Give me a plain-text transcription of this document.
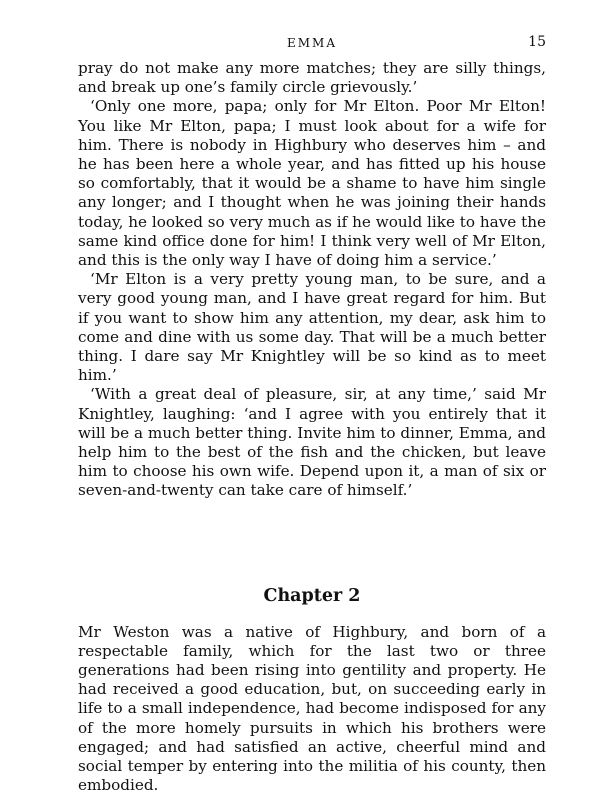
EMMA	15

pray do not make any more matches; they are silly things, and break up one’s family circle grievously.’

‘Only one more, papa; only for Mr Elton. Poor Mr Elton! You like Mr Elton, papa; I must look about for a wife for him. There is nobody in Highbury who deserves him – and he has been here a whole year, and has fitted up his house so comfortably, that it would be a shame to have him single any longer; and I thought when he was joining their hands today, he looked so very much as if he would like to have the same kind office done for him! I think very well of Mr Elton, and this is the only way I have of doing him a service.’

‘Mr Elton is a very pretty young man, to be sure, and a very good young man, and I have great regard for him. But if you want to show him any attention, my dear, ask him to come and dine with us some day. That will be a much better thing. I dare say Mr Knightley will be so kind as to meet him.’

‘With a great deal of pleasure, sir, at any time,’ said Mr Knightley, laughing: ‘and I agree with you entirely that it will be a much better thing. Invite him to dinner, Emma, and help him to the best of the fish and the chicken, but leave him to choose his own wife. Depend upon it, a man of six or seven-and-twenty can take care of himself.’

Chapter 2

Mr Weston was a native of Highbury, and born of a respectable family, which for the last two or three generations had been rising into gentility and property. He had received a good education, but, on succeeding early in life to a small independence, had become indisposed for any of the more homely pursuits in which his brothers were engaged; and had satisfied an active, cheerful mind and social temper by entering into the militia of his county, then embodied.
